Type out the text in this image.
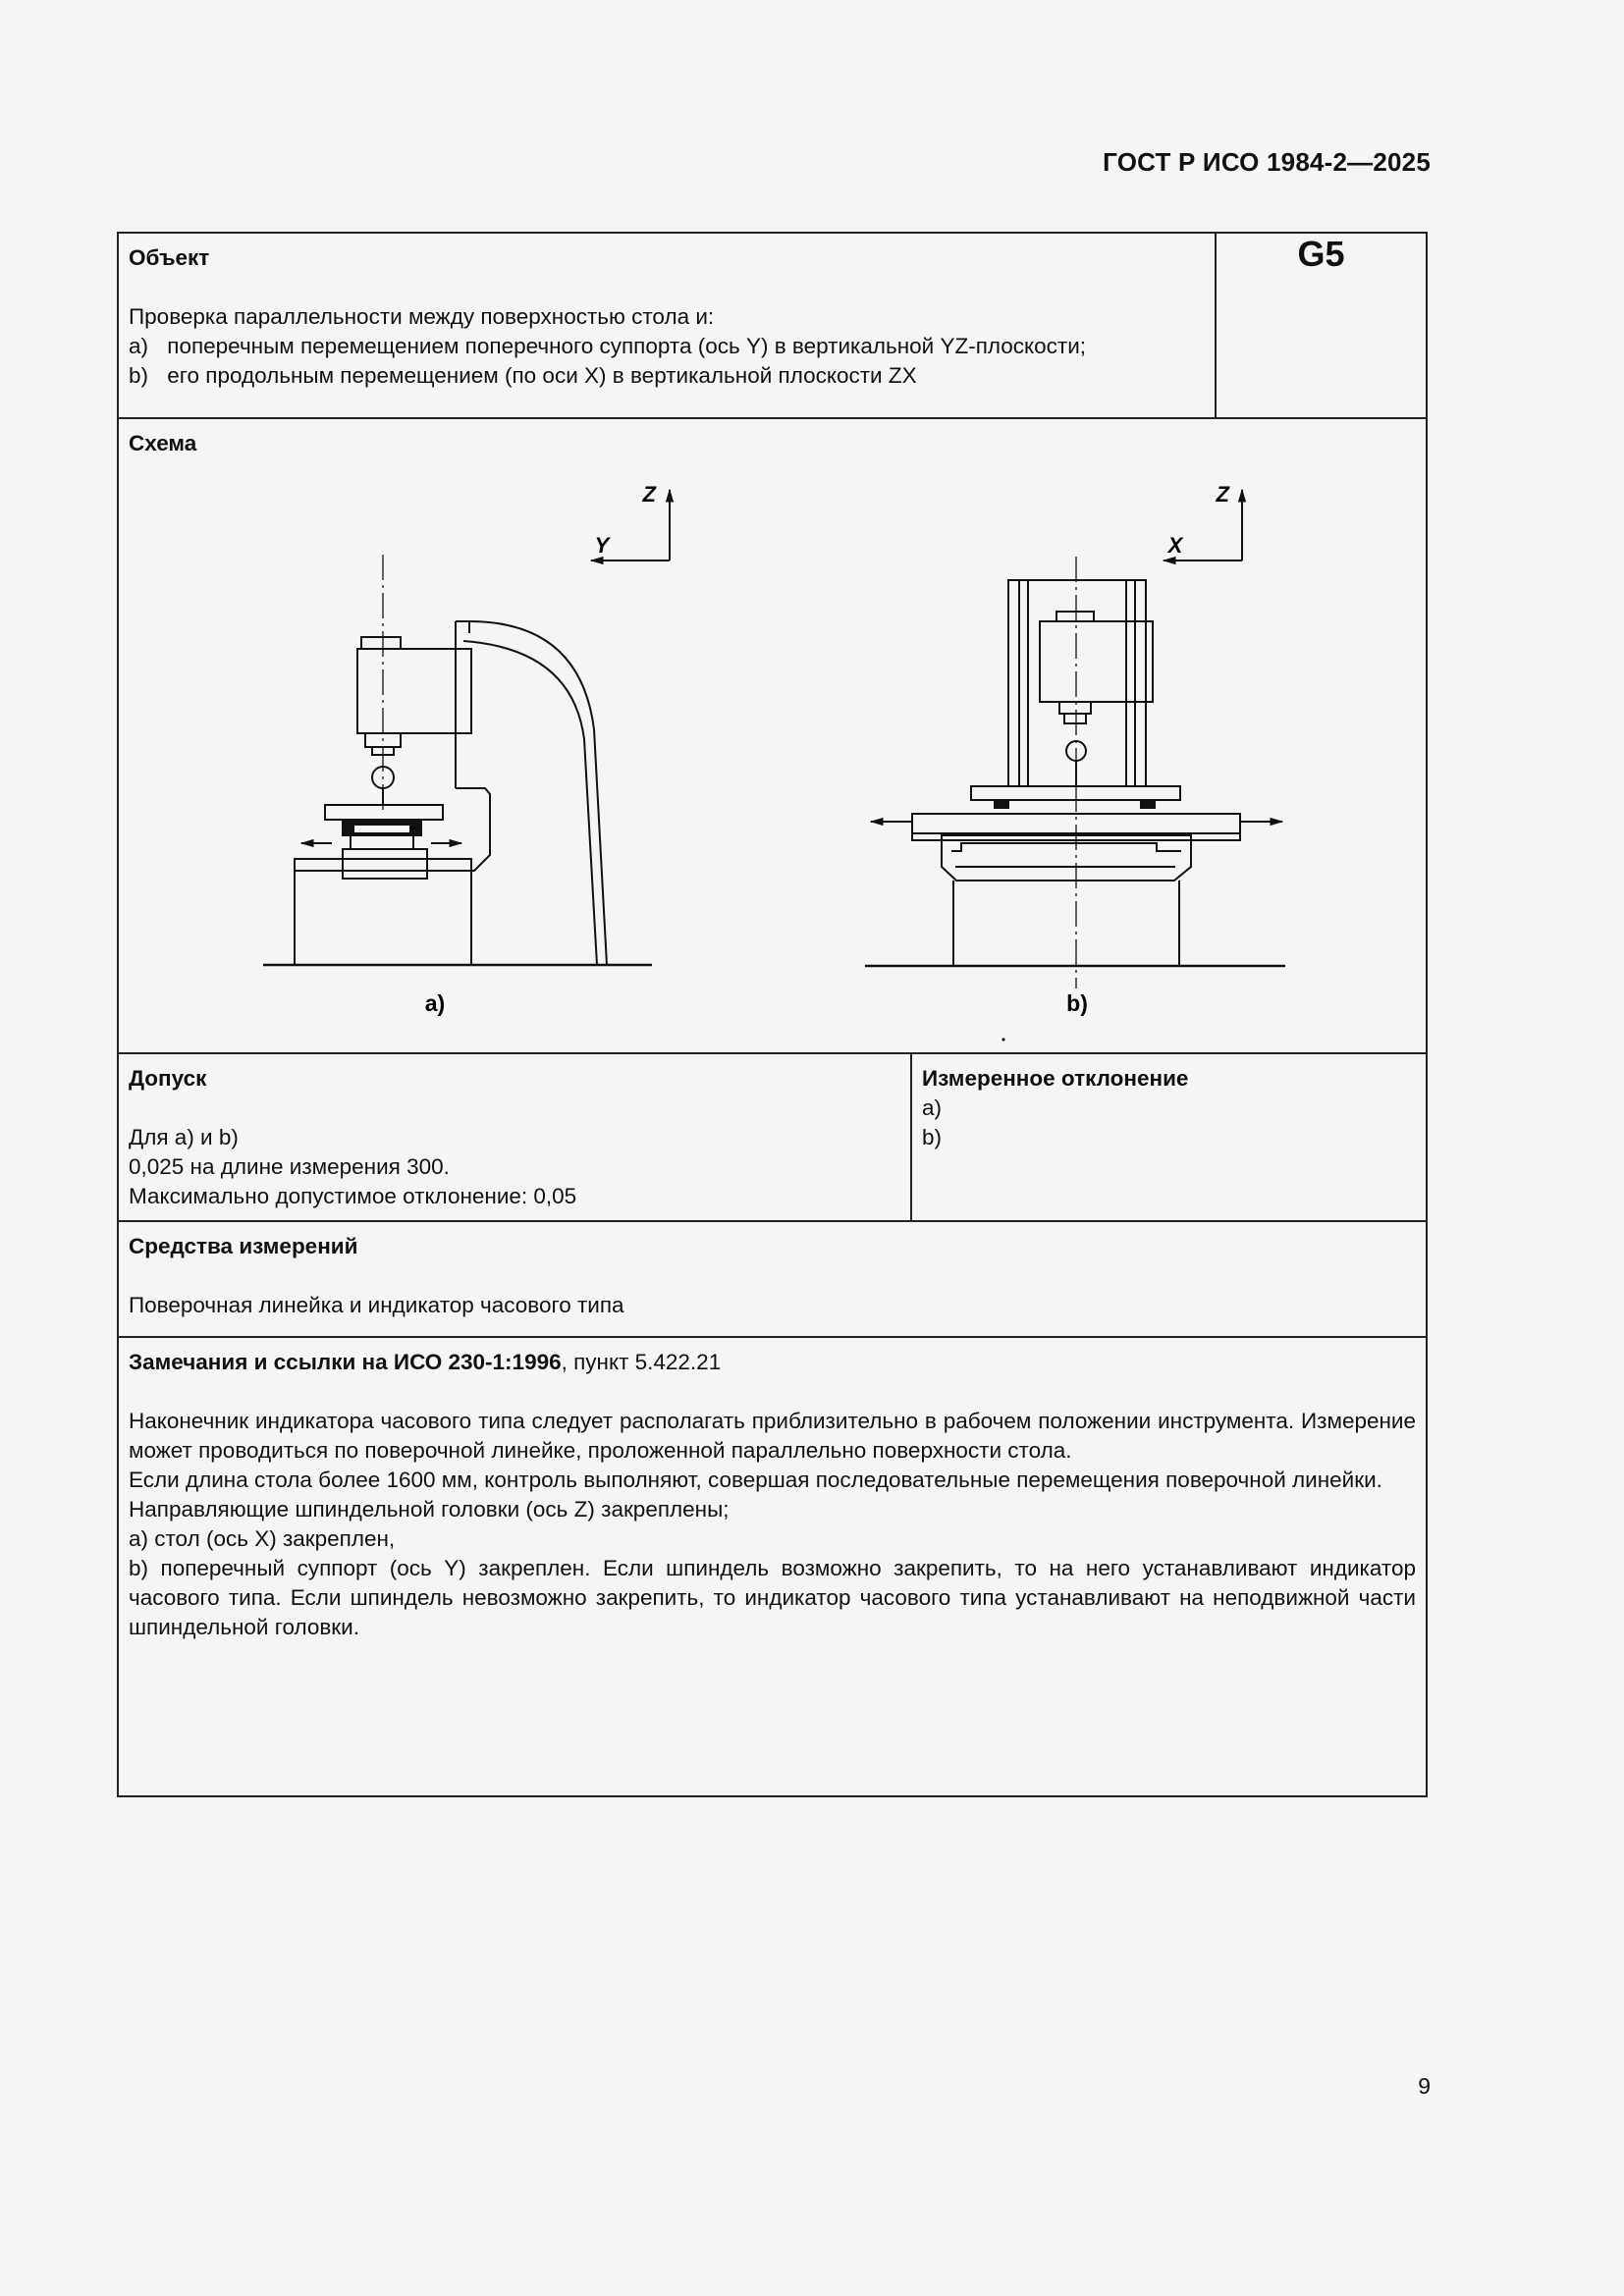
ГОСТ Р ИСО 1984-2—2025
Объект
Проверка параллельности между поверхностью стола и:
a) поперечным перемещением поперечного суппорта (ось Y) в вертикальной YZ-плоскости;
b) его продольным перемещением (по оси X) в вертикальной плоскости ZX
G5
Схема
Z
Y
Z
X
a)	b)
Допуск
Для a) и b)
0,025 на длине измерения 300.
Максимально допустимое отклонение: 0,05
Измеренное отклонение
a)
b)
Средства измерений
Поверочная линейка и индикатор часового типа
Замечания и ссылки на ИСО 230-1:1996, пункт 5.422.21
Наконечник индикатора часового типа следует располагать приблизительно в рабочем положении инструмента. Измерение может проводиться по поверочной линейке, проложенной параллельно поверхности стола.
Если длина стола более 1600 мм, контроль выполняют, совершая последовательные перемещения поверочной линейки.
Направляющие шпиндельной головки (ось Z) закреплены;
a) стол (ось X) закреплен,
b) поперечный суппорт (ось Y) закреплен. Если шпиндель возможно закрепить, то на него устанавливают индикатор часового типа. Если шпиндель невозможно закрепить, то индикатор часового типа устанавливают на неподвижной части шпиндельной головки.
9
